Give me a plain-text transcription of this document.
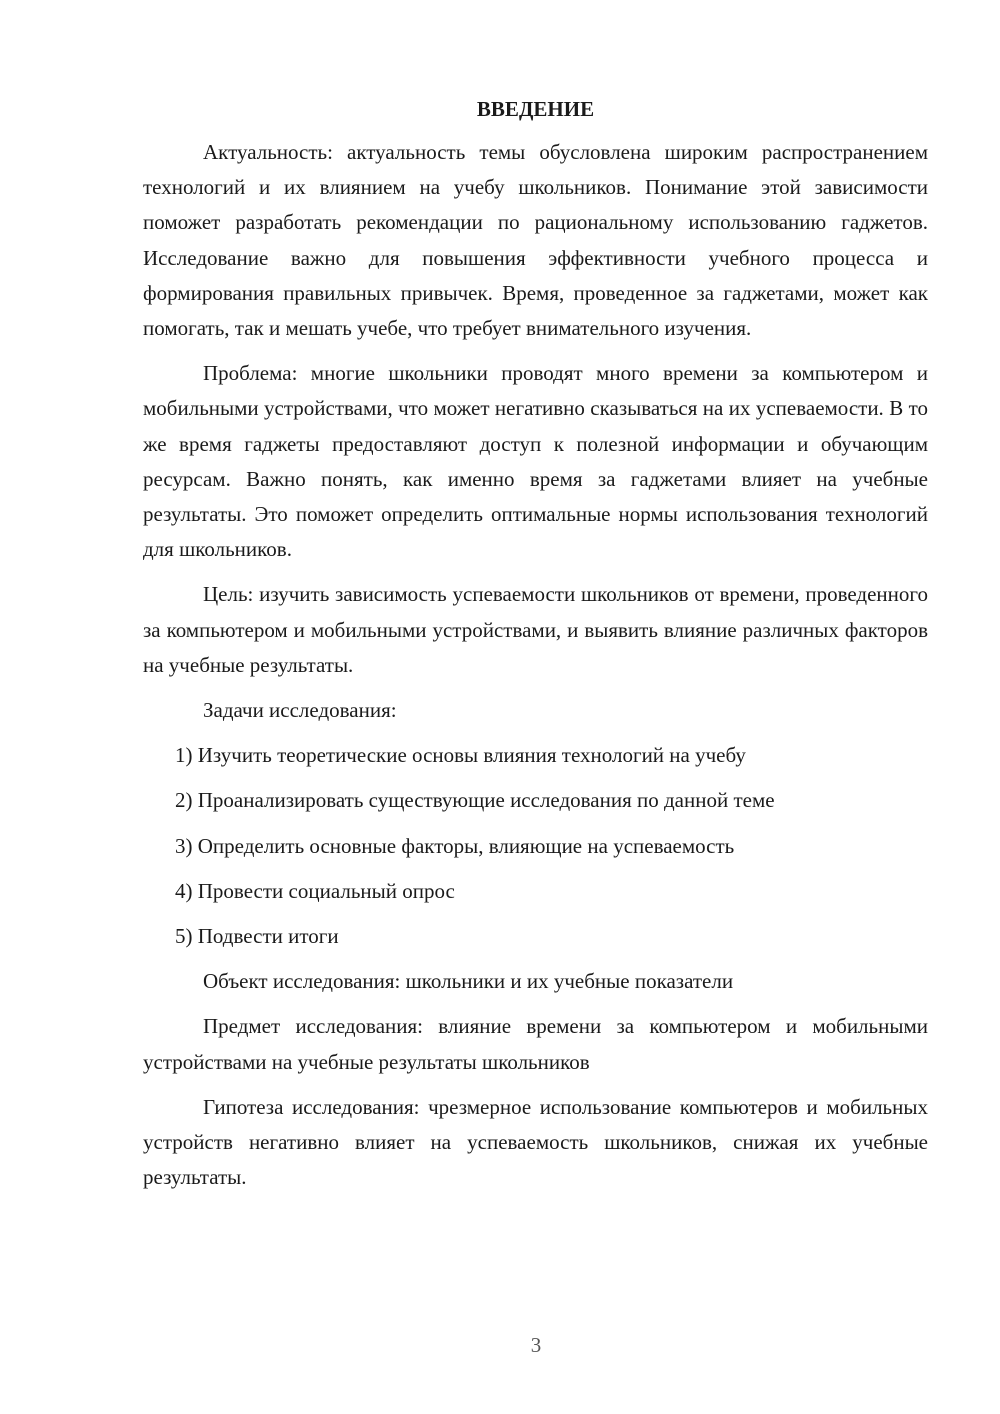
ВВЕДЕНИЕ

Актуальность: актуальность темы обусловлена широким распространением технологий и их влиянием на учебу школьников. Понимание этой зависимости поможет разработать рекомендации по рациональному использованию гаджетов. Исследование важно для повышения эффективности учебного процесса и формирования правильных привычек. Время, проведенное за гаджетами, может как помогать, так и мешать учебе, что требует внимательного изучения.

Проблема: многие школьники проводят много времени за компьютером и мобильными устройствами, что может негативно сказываться на их успеваемости. В то же время гаджеты предоставляют доступ к полезной информации и обучающим ресурсам. Важно понять, как именно время за гаджетами влияет на учебные результаты. Это поможет определить оптимальные нормы использования технологий для школьников.

Цель: изучить зависимость успеваемости школьников от времени, проведенного за компьютером и мобильными устройствами, и выявить влияние различных факторов на учебные результаты.

Задачи исследования:

1) Изучить теоретические основы влияния технологий на учебу
2) Проанализировать существующие исследования по данной теме
3) Определить основные факторы, влияющие на успеваемость
4) Провести социальный опрос
5) Подвести итоги

Объект исследования: школьники и их учебные показатели

Предмет исследования: влияние времени за компьютером и мобильными устройствами на учебные результаты школьников

Гипотеза исследования: чрезмерное использование компьютеров и мобильных устройств негативно влияет на успеваемость школьников, снижая их учебные результаты.

3
